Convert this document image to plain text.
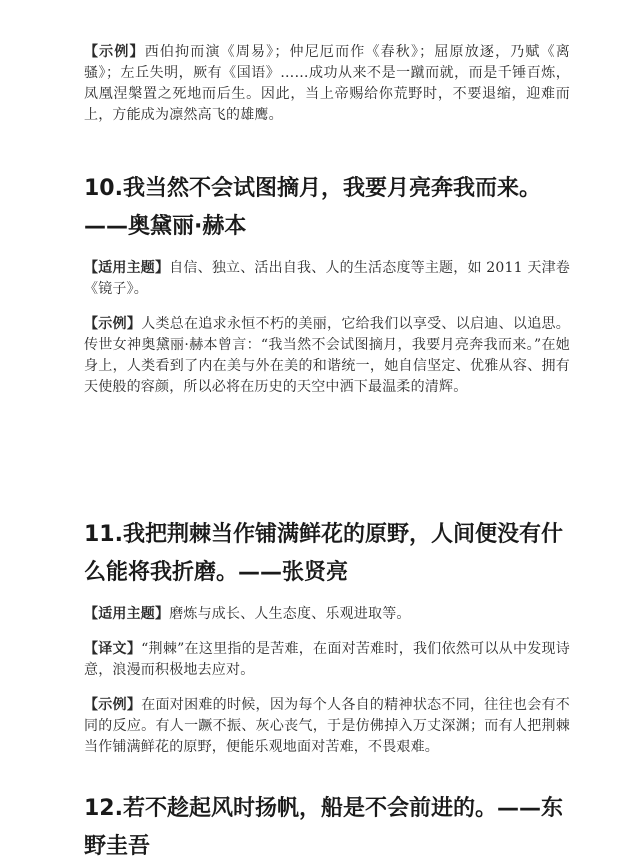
【示例】西伯拘而演《周易》；仲尼厄而作《春秋》；屈原放逐，乃赋《离骚》；左丘失明，厥有《国语》……成功从来不是一蹴而就，而是千锤百炼，凤凰涅槃置之死地而后生。因此，当上帝赐给你荒野时，不要退缩，迎难而上，方能成为凛然高飞的雄鹰。

10.我当然不会试图摘月，我要月亮奔我而来。——奥黛丽·赫本

【适用主题】自信、独立、活出自我、人的生活态度等主题，如 2011 天津卷《镜子》。

【示例】人类总在追求永恒不朽的美丽，它给我们以享受、以启迪、以追思。传世女神奥黛丽·赫本曾言：“我当然不会试图摘月，我要月亮奔我而来。”在她身上，人类看到了内在美与外在美的和谐统一，她自信坚定、优雅从容、拥有天使般的容颜，所以必将在历史的天空中洒下最温柔的清辉。

11.我把荆棘当作铺满鲜花的原野，人间便没有什么能将我折磨。——张贤亮

【适用主题】磨炼与成长、人生态度、乐观进取等。

【译文】“荆棘”在这里指的是苦难，在面对苦难时，我们依然可以从中发现诗意，浪漫而积极地去应对。

【示例】在面对困难的时候，因为每个人各自的精神状态不同，往往也会有不同的反应。有人一蹶不振、灰心丧气，于是仿佛掉入万丈深渊；而有人把荆棘当作铺满鲜花的原野，便能乐观地面对苦难，不畏艰难。

12.若不趁起风时扬帆，船是不会前进的。——东野圭吾
